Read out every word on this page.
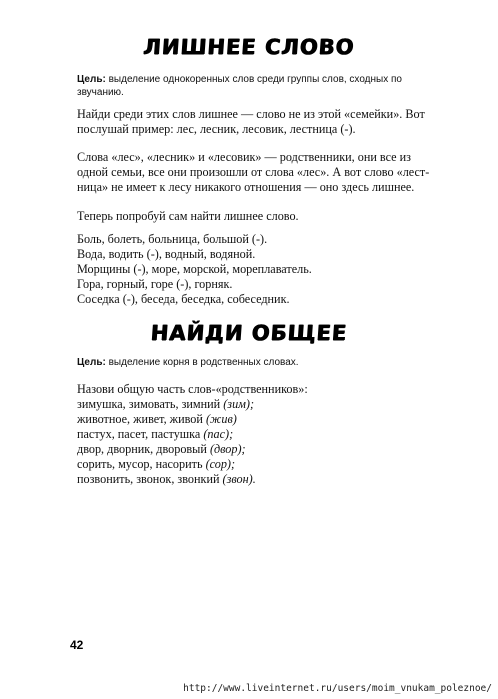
ЛИШНЕЕ СЛОВО
Цель: выделение однокоренных слов среди группы слов, сходных по звучанию.
Найди среди этих слов лишнее — слово не из этой «семейки». Вот
послушай пример: лес, лесник, лесовик, лестница (-).
Слова «лес», «лесник» и «лесовик» — родственники, они все из
одной семьи, все они произошли от слова «лес». А вот слово «лест-
ница» не имеет к лесу никакого отношения — оно здесь лишнее.
Теперь попробуй сам найти лишнее слово.
Боль, болеть, больница, большой (-).
Вода, водить (-), водный, водяной.
Морщины (-), море, морской, мореплаватель.
Гора, горный, горе (-), горняк.
Соседка (-), беседа, беседка, собеседник.
НАЙДИ ОБЩЕЕ
Цель: выделение корня в родственных словах.
Назови общую часть слов-«родственников»:
зимушка, зимовать, зимний (зим);
животное, живет, живой (жив)
пастух, пасет, пастушка (пас);
двор, дворник, дворовый (двор);
сорить, мусор, насорить (сор);
позвонить, звонок, звонкий (звон).
42
http://www.liveinternet.ru/users/moim_vnukam_poleznoe/
